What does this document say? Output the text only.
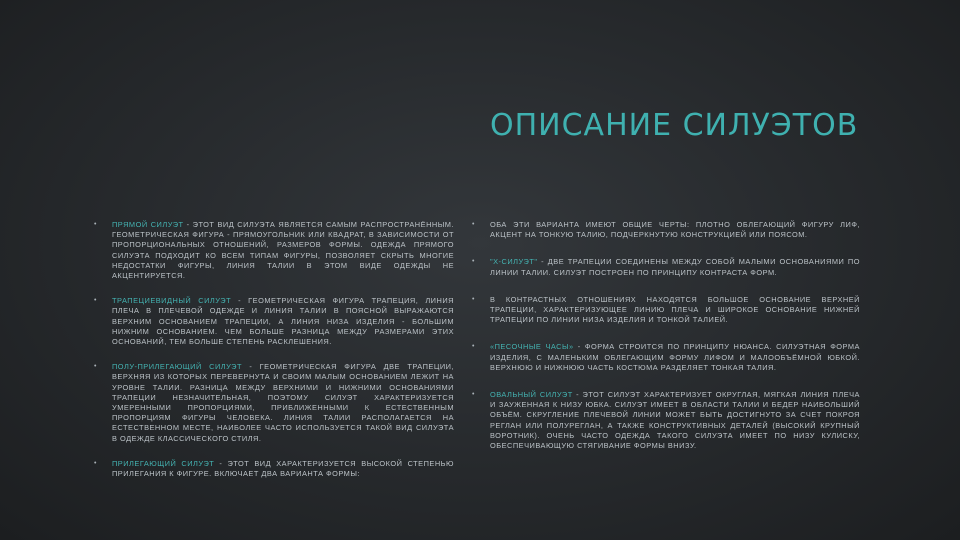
ОПИСАНИЕ СИЛУЭТОВ
• ПРЯМОЙ СИЛУЭТ - ЭТОТ ВИД СИЛУЭТА ЯВЛЯЕТСЯ САМЫМ РАСПРОСТРАНЁННЫМ. ГЕОМЕТРИЧЕСКАЯ ФИГУРА - ПРЯМОУГОЛЬНИК ИЛИ КВАДРАТ, В ЗАВИСИМОСТИ ОТ ПРОПОРЦИОНАЛЬНЫХ ОТНОШЕНИЙ, РАЗМЕРОВ ФОРМЫ. ОДЕЖДА ПРЯМОГО СИЛУЭТА ПОДХОДИТ КО ВСЕМ ТИПАМ ФИГУРЫ, ПОЗВОЛЯЕТ СКРЫТЬ МНОГИЕ НЕДОСТАТКИ ФИГУРЫ, ЛИНИЯ ТАЛИИ В ЭТОМ ВИДЕ ОДЕЖДЫ НЕ АКЦЕНТИРУЕТСЯ.
• ТРАПЕЦИЕВИДНЫЙ СИЛУЭТ - ГЕОМЕТРИЧЕСКАЯ ФИГУРА ТРАПЕЦИЯ, ЛИНИЯ ПЛЕЧА В ПЛЕЧЕВОЙ ОДЕЖДЕ И ЛИНИЯ ТАЛИИ В ПОЯСНОЙ ВЫРАЖАЮТСЯ ВЕРХНИМ ОСНОВАНИЕМ ТРАПЕЦИИ, А ЛИНИЯ НИЗА ИЗДЕЛИЯ - БОЛЬШИМ НИЖНИМ ОСНОВАНИЕМ. ЧЕМ БОЛЬШЕ РАЗНИЦА МЕЖДУ РАЗМЕРАМИ ЭТИХ ОСНОВАНИЙ, ТЕМ БОЛЬШЕ СТЕПЕНЬ РАСКЛЕШЕНИЯ.
• ПОЛУ-ПРИЛЕГАЮЩИЙ СИЛУЭТ - ГЕОМЕТРИЧЕСКАЯ ФИГУРА ДВЕ ТРАПЕЦИИ, ВЕРХНЯЯ ИЗ КОТОРЫХ ПЕРЕВЕРНУТА И СВОИМ МАЛЫМ ОСНОВАНИЕМ ЛЕЖИТ НА УРОВНЕ ТАЛИИ. РАЗНИЦА МЕЖДУ ВЕРХНИМИ И НИЖНИМИ ОСНОВАНИЯМИ ТРАПЕЦИИ НЕЗНАЧИТЕЛЬНАЯ, ПОЭТОМУ СИЛУЭТ ХАРАКТЕРИЗУЕТСЯ УМЕРЕННЫМИ ПРОПОРЦИЯМИ, ПРИБЛИЖЕННЫМИ К ЕСТЕСТВЕННЫМ ПРОПОРЦИЯМ ФИГУРЫ ЧЕЛОВЕКА. ЛИНИЯ ТАЛИИ РАСПОЛАГАЕТСЯ НА ЕСТЕСТВЕННОМ МЕСТЕ, НАИБОЛЕЕ ЧАСТО ИСПОЛЬЗУЕТСЯ ТАКОЙ ВИД СИЛУЭТА В ОДЕЖДЕ КЛАССИЧЕСКОГО СТИЛЯ.
• ПРИЛЕГАЮЩИЙ СИЛУЭТ - ЭТОТ ВИД ХАРАКТЕРИЗУЕТСЯ ВЫСОКОЙ СТЕПЕНЬЮ ПРИЛЕГАНИЯ К ФИГУРЕ. ВКЛЮЧАЕТ ДВА ВАРИАНТА ФОРМЫ:
• ОБА ЭТИ ВАРИАНТА ИМЕЮТ ОБЩИЕ ЧЕРТЫ: ПЛОТНО ОБЛЕГАЮЩИЙ ФИГУРУ ЛИФ, АКЦЕНТ НА ТОНКУЮ ТАЛИЮ, ПОДЧЕРКНУТУЮ КОНСТРУКЦИЕЙ ИЛИ ПОЯСОМ.
• "Х-СИЛУЭТ" - ДВЕ ТРАПЕЦИИ СОЕДИНЕНЫ МЕЖДУ СОБОЙ МАЛЫМИ ОСНОВАНИЯМИ ПО ЛИНИИ ТАЛИИ. СИЛУЭТ ПОСТРОЕН ПО ПРИНЦИПУ КОНТРАСТА ФОРМ.
• В КОНТРАСТНЫХ ОТНОШЕНИЯХ НАХОДЯТСЯ БОЛЬШОЕ ОСНОВАНИЕ ВЕРХНЕЙ ТРАПЕЦИИ, ХАРАКТЕРИЗУЮЩЕЕ ЛИНИЮ ПЛЕЧА И ШИРОКОЕ ОСНОВАНИЕ НИЖНЕЙ ТРАПЕЦИИ ПО ЛИНИИ НИЗА ИЗДЕЛИЯ И ТОНКОЙ ТАЛИЕЙ.
• «ПЕСОЧНЫЕ ЧАСЫ» - ФОРМА СТРОИТСЯ ПО ПРИНЦИПУ НЮАНСА. СИЛУЭТНАЯ ФОРМА ИЗДЕЛИЯ, С МАЛЕНЬКИМ ОБЛЕГАЮЩИМ ФОРМУ ЛИФОМ И МАЛООБЪЁМНОЙ ЮБКОЙ. ВЕРХНЮЮ И НИЖНЮЮ ЧАСТЬ КОСТЮМА РАЗДЕЛЯЕТ ТОНКАЯ ТАЛИЯ.
• ОВАЛЬНЫЙ СИЛУЭТ - ЭТОТ СИЛУЭТ ХАРАКТЕРИЗУЕТ ОКРУГЛАЯ, МЯГКАЯ ЛИНИЯ ПЛЕЧА И ЗАУЖЕННАЯ К НИЗУ ЮБКА. СИЛУЭТ ИМЕЕТ В ОБЛАСТИ ТАЛИИ И БЕДЕР НАИБОЛЬШИЙ ОБЪЁМ. СКРУГЛЕНИЕ ПЛЕЧЕВОЙ ЛИНИИ МОЖЕТ БЫТЬ ДОСТИГНУТО ЗА СЧЕТ ПОКРОЯ РЕГЛАН ИЛИ ПОЛУРЕГЛАН, А ТАКЖЕ КОНСТРУКТИВНЫХ ДЕТАЛЕЙ (ВЫСОКИЙ КРУПНЫЙ ВОРОТНИК). ОЧЕНЬ ЧАСТО ОДЕЖДА ТАКОГО СИЛУЭТА ИМЕЕТ ПО НИЗУ КУЛИСКУ, ОБЕСПЕЧИВАЮЩУЮ СТЯГИВАНИЕ ФОРМЫ ВНИЗУ.
